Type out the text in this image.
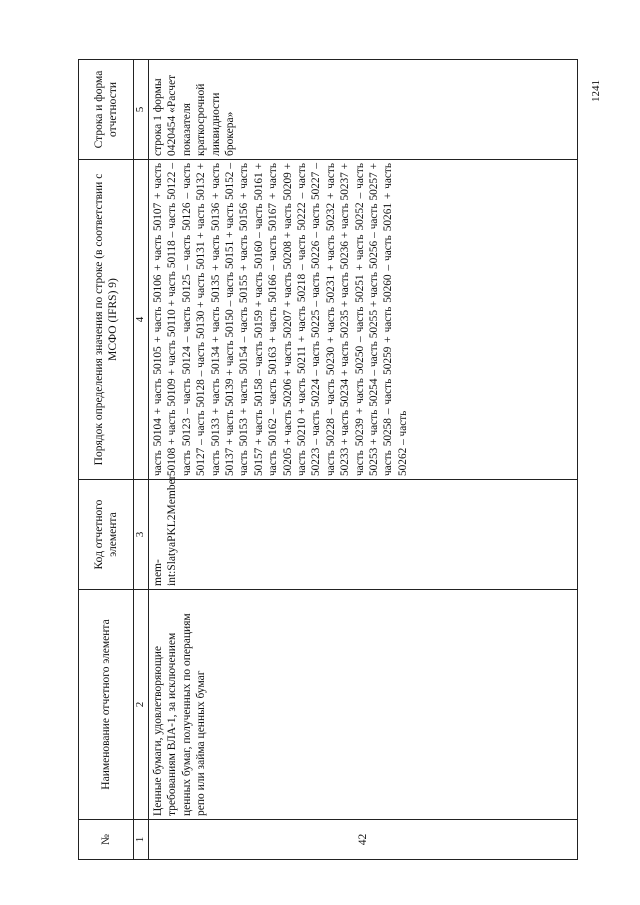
1241
№	Наименование отчетного элемента	Код отчетного элемента	Порядок определения значения по строке (в соответствии с МСФО (IFRS) 9)	Строка и форма отчетности
1	2	3	4	5
42	Ценные бумаги, удовлетворяющие требованиям ВЛА-1, за исключением ценных бумаг, полученных по операциям репо или займа ценных бумаг	mem-int:SlatyaPKL2Member	часть 50104 + часть 50105 + часть 50106 + часть 50107 + часть 50108 + часть 50109 + часть 50110 + часть 50118 – часть 50122 – часть 50123 – часть 50124 – часть 50125 – часть 50126 – часть 50127 – часть 50128 – часть 50130 + часть 50131 + часть 50132 + часть 50133 + часть 50134 + часть 50135 + часть 50136 + часть 50137 + часть 50139 + часть 50150 – часть 50151 + часть 50152 – часть 50153 + часть 50154 – часть 50155 + часть 50156 + часть 50157 + часть 50158 – часть 50159 + часть 50160 – часть 50161 + часть 50162 – часть 50163 + часть 50166 – часть 50167 + часть 50205 + часть 50206 + часть 50207 + часть 50208 + часть 50209 + часть 50210 + часть 50211 + часть 50218 – часть 50222 – часть 50223 – часть 50224 – часть 50225 – часть 50226 – часть 50227 – часть 50228 – часть 50230 + часть 50231 + часть 50232 + часть 50233 + часть 50234 + часть 50235 + часть 50236 + часть 50237 + часть 50239 + часть 50250 – часть 50251 + часть 50252 – часть 50253 + часть 50254 – часть 50255 + часть 50256 – часть 50257 + часть 50258 – часть 50259 + часть 50260 – часть 50261 + часть 50262 – часть	строка 1 формы 0420454 «Расчет показателя краткосрочной ликвидности брокера»
